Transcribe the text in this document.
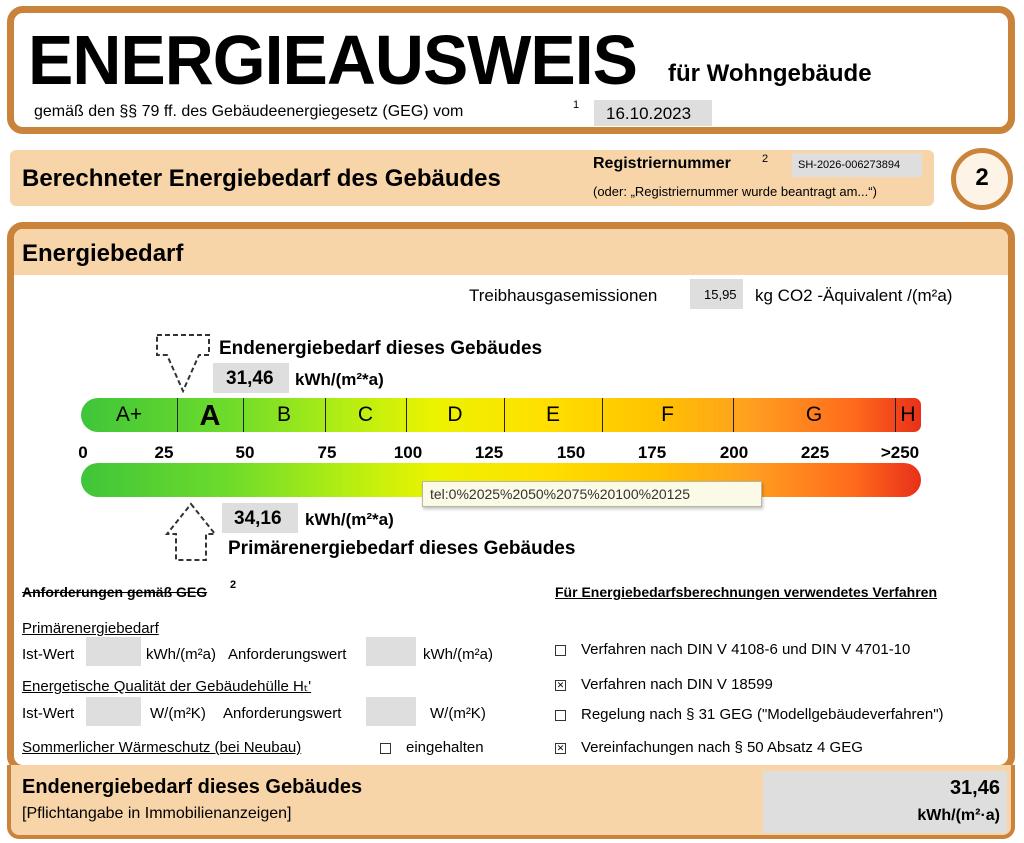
ENERGIEAUSWEIS für Wohngebäude
gemäß den §§ 79 ff. des Gebäudeenergiegesetz (GEG) vom	1 16.10.2023
Berechneter Energiebedarf des Gebäudes
Registriernummer	2	SH-2026-006273894
(oder: „Registriernummer wurde beantragt am...“)
2
Energiebedarf
Treibhausgasemissionen	15,95 kg CO2 -Äquivalent /(m²a)
Endenergiebedarf dieses Gebäudes
31,46 kWh/(m²*a)
A+	A	B	C	D	E	F	G	H
0	25	50	75	100	125	150	175	200	225	>250
tel:0%2025%2050%2075%20100%20125
34,16 kWh/(m²*a)
Primärenergiebedarf dieses Gebäudes
Anforderungen gemäß GEG 2
Primärenergiebedarf
Ist-Wert	kWh/(m²a) Anforderungswert	kWh/(m²a)
Energetische Qualität der Gebäudehülle Hₜ'
Ist-Wert	W/(m²K) Anforderungswert	W/(m²K)
Sommerlicher Wärmeschutz (bei Neubau)	eingehalten
Für Energiebedarfsberechnungen verwendetes Verfahren
Verfahren nach DIN V 4108-6 und DIN V 4701-10
✕ Verfahren nach DIN V 18599
Regelung nach § 31 GEG ("Modellgebäudeverfahren")
✕ Vereinfachungen nach § 50 Absatz 4 GEG
Endenergiebedarf dieses Gebäudes
[Pflichtangabe in Immobilienanzeigen]
31,46
kWh/(m²·a)
